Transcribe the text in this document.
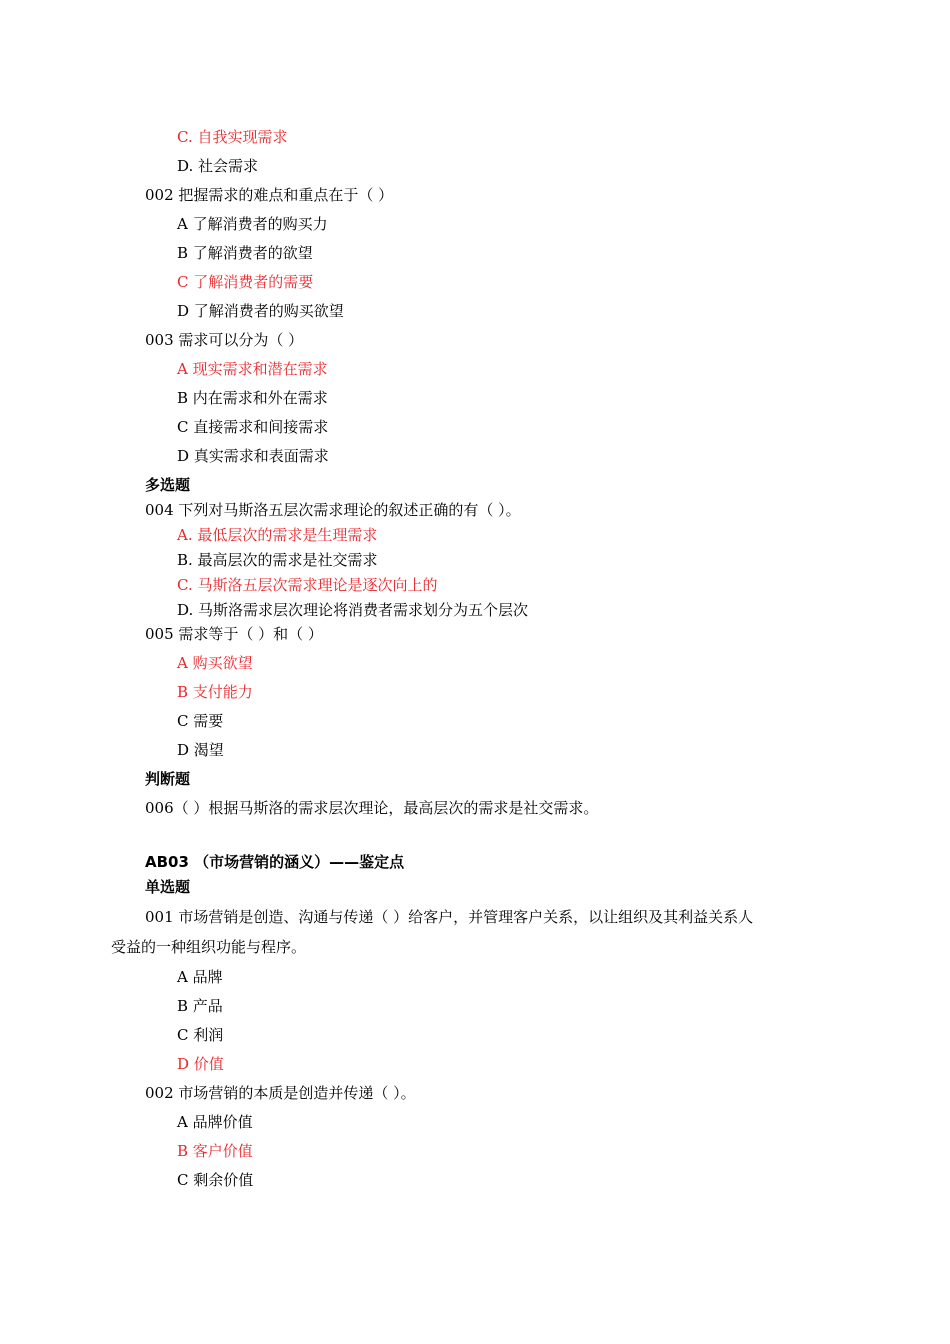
C. 自我实现需求
D. 社会需求
002 把握需求的难点和重点在于（ ）
A 了解消费者的购买力
B 了解消费者的欲望
C 了解消费者的需要
D 了解消费者的购买欲望
003 需求可以分为（ ）
A 现实需求和潜在需求
B 内在需求和外在需求
C 直接需求和间接需求
D 真实需求和表面需求
多选题
004 下列对马斯洛五层次需求理论的叙述正确的有（ ）。
A. 最低层次的需求是生理需求
B. 最高层次的需求是社交需求
C. 马斯洛五层次需求理论是逐次向上的
D. 马斯洛需求层次理论将消费者需求划分为五个层次
005 需求等于（ ）和（ ）
A 购买欲望
B 支付能力
C 需要
D 渴望
判断题
006（ ）根据马斯洛的需求层次理论，最高层次的需求是社交需求。
AB03 （市场营销的涵义）——鉴定点
单选题
001 市场营销是创造、沟通与传递（ ）给客户，并管理客户关系，以让组织及其利益关系人
受益的一种组织功能与程序。
A 品牌
B 产品
C 利润
D 价值
002 市场营销的本质是创造并传递（ ）。
A 品牌价值
B 客户价值
C 剩余价值
